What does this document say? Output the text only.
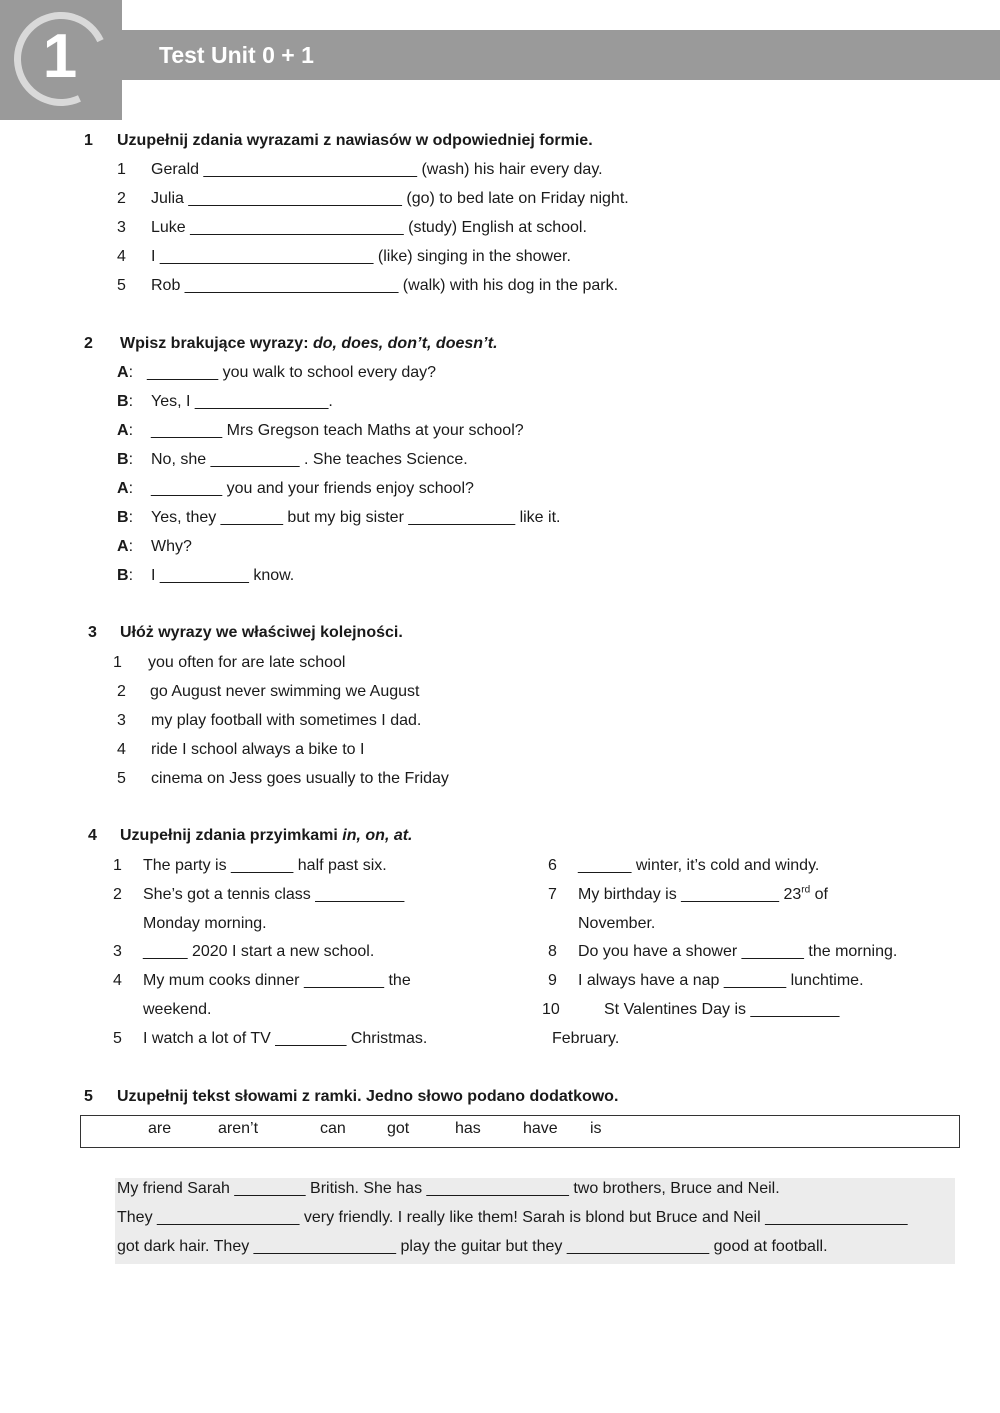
1	Test Unit 0 + 1
1 Uzupełnij zdania wyrazami z nawiasów w odpowiedniej formie.
1 Gerald ________________________ (wash) his hair every day.
2 Julia ________________________ (go) to bed late on Friday night.
3 Luke ________________________ (study) English at school.
4 I ________________________ (like) singing in the shower.
5 Rob ________________________ (walk) with his dog in the park.
2 Wpisz brakujące wyrazy: do, does, don’t, doesn’t.
A: ________ you walk to school every day?
B: Yes, I _______________.
A: ________ Mrs Gregson teach Maths at your school?
B: No, she __________ . She teaches Science.
A: ________ you and your friends enjoy school?
B: Yes, they _______ but my big sister ____________ like it.
A: Why?
B: I __________ know.
3 Ułóż wyrazy we właściwej kolejności.
1 you often for are late school
2 go August never swimming we August
3 my play football with sometimes I dad.
4 ride I school always a bike to I
5 cinema on Jess goes usually to the Friday
4 Uzupełnij zdania przyimkami in, on, at.
1 The party is _______ half past six.
2 She’s got a tennis class __________
Monday morning.
3 _____ 2020 I start a new school.
4 My mum cooks dinner _________ the
weekend.
5 I watch a lot of TV ________ Christmas.
6 ______ winter, it’s cold and windy.
7 My birthday is ___________ 23rd of
November.
8 Do you have a shower _______ the morning.
9 I always have a nap _______ lunchtime.
10	St Valentines Day is __________
February.
5 Uzupełnij tekst słowami z ramki. Jedno słowo podano dodatkowo.
are	aren’t	can	got	has	have is
My friend Sarah ________ British. She has ________________ two brothers, Bruce and Neil.
They ________________ very friendly. I really like them! Sarah is blond but Bruce and Neil ________________
got dark hair. They ________________ play the guitar but they ________________ good at football.
